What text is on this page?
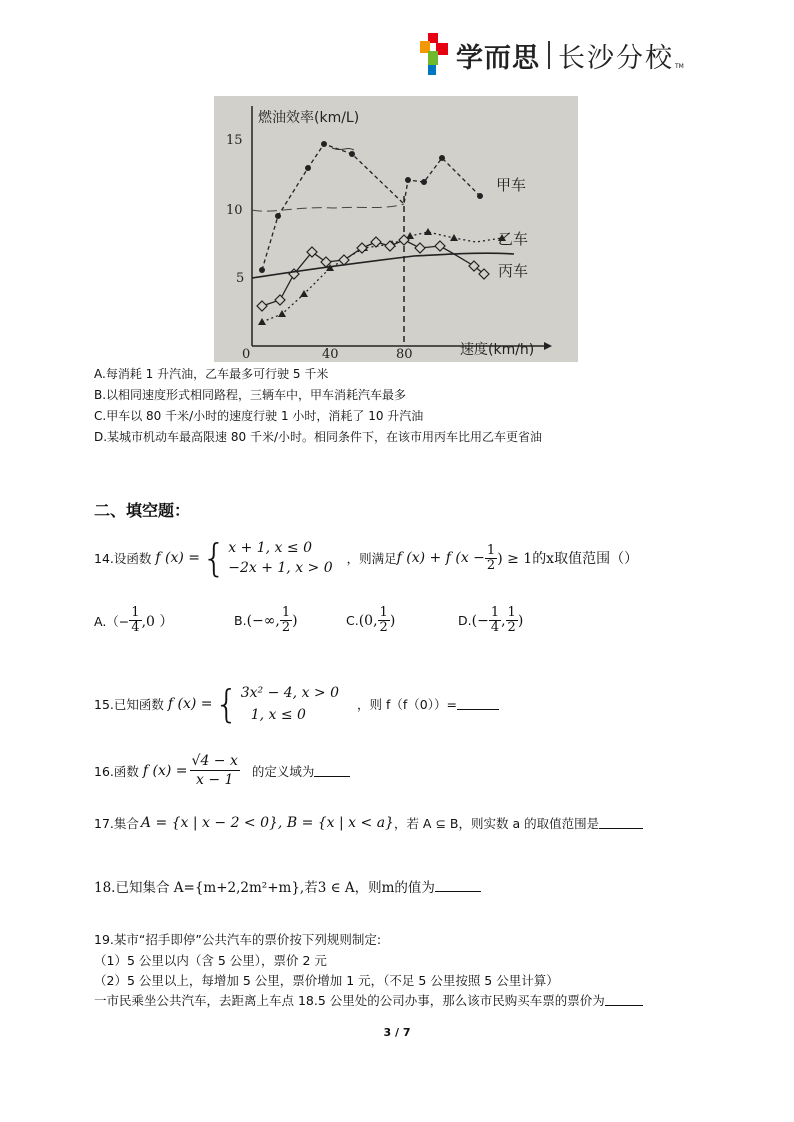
学而思 长沙分校 TM
燃油效率(km/L)
速度(km/h)
15
10
5
0	40	80
甲车
乙车
丙车
A.每消耗 1 升汽油，乙车最多可行驶 5 千米
B.以相同速度形式相同路程，三辆车中，甲车消耗汽车最多
C.甲车以 80 千米/小时的速度行驶 1 小时，消耗了 10 升汽油
D.某城市机动车最高限速 80 千米/小时。相同条件下，在该市用丙车比用乙车更省油
二、填空题：
14.设函数 f (x) = { x + 1, x ≤ 0
−2x + 1, x > 0
，则满足 f (x) + f ($x - \frac{1}{2}$ ) ≥ 1的x取值范围（）
$A.(- \frac{1}{4} ,0$ ）	B. (−∞, $\frac{1}{2}$ )	C. (0, $\frac{1}{2}$ )	D. (− $\frac{1}{4}$ , $\frac{1}{2}$ )
15.已知函数 f (x) = { 3x² − 4, x > 0
1, x ≤ 0
，则 f（f（0））=
16.函数 f $(x) = \frac{√4 - x}{x - 1}$ 的定义域为
17.集合 A = {x | x − 2 < 0}, B = {x | x < a} ，若 A ⊆ B，则实数 a 的取值范围是
18.已知集合 A={m+2,2m²+m},若3 ∈ A，则m的值为
19.某市“招手即停”公共汽车的票价按下列规则制定:
（1）5 公里以内（含 5 公里），票价 2 元
（2）5 公里以上，每增加 5 公里，票价增加 1 元，（不足 5 公里按照 5 公里计算）
一市民乘坐公共汽车，去距离上车点 18.5 公里处的公司办事，那么该市民购买车票的票价为
3 / 7
